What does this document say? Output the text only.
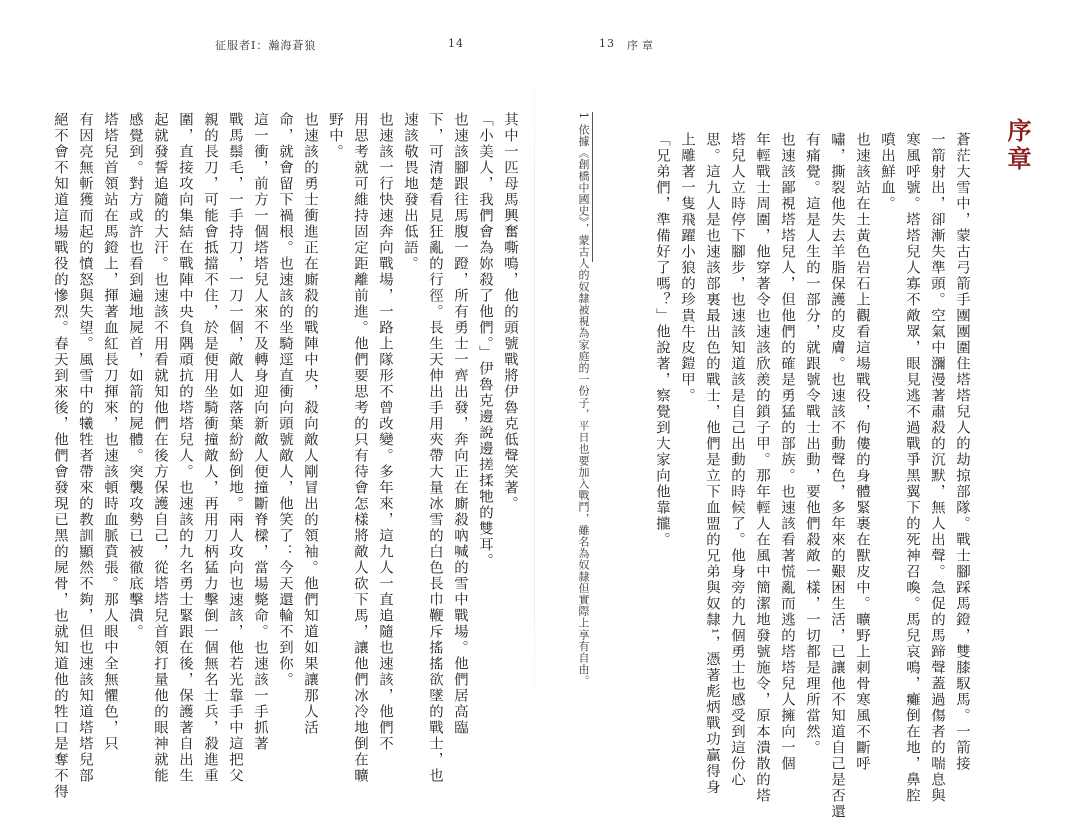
征服者Ⅰ：瀚海蒼狼	14
其中一匹母馬興奮嘶鳴，他的頭號戰將伊魯克低聲笑著。
「小美人，我們會為妳殺了他們。」伊魯克邊說邊搓揉牠的雙耳。
也速該腳跟往馬腹一蹬，所有勇士一齊出發，奔向正在廝殺吶喊的雪中戰場。他們居高臨
下，可清楚看見狂亂的行徑。長生天伸出手用夾帶大量冰雪的白色長巾鞭斥搖搖欲墜的戰士，也
速該敬畏地發出低語。
也速該一行快速奔向戰場，一路上隊形不曾改變。多年來，這九人一直追隨也速該，他們不
用思考就可維持固定距離前進。他們要思考的只有待會怎樣將敵人砍下馬，讓他們冰冷地倒在曠
野中。
也速該的勇士衝進正在廝殺的戰陣中央，殺向敵人剛冒出的領袖。他們知道如果讓那人活
命，就會留下禍根。也速該的坐騎逕直衝向頭號敵人，他笑了：今天還輪不到你。
這一衝，前方一個塔塔兒人來不及轉身迎向新敵人便撞斷脊樑，當場斃命。也速該一手抓著
戰馬鬃毛，一手持刀，一刀一個，敵人如落葉紛紛倒地。兩人攻向也速該，他若光靠手中這把父
親的長刀，可能會抵擋不住，於是便用坐騎衝撞敵人，再用刀柄猛力擊倒一個無名士兵，殺進重
圍，直接攻向集結在戰陣中央負隅頑抗的塔塔兒人。也速該的九名勇士緊跟在後，保護著自出生
起就發誓追隨的大汗。也速該不用看就知他們在後方保護自己，從塔塔兒首領打量他的眼神就能
感覺到。對方或許也看到遍地屍首，如箭的屍體。突襲攻勢已被徹底擊潰。
塔塔兒首領站在馬鐙上，揮著血紅長刀揮來，也速該頓時血脈賁張。那人眼中全無懼色，只
有因亮無斬獲而起的憤怒與失望。風雪中的犧牲者帶來的教訓顯然不夠，但也速該知道塔塔兒部
絕不會不知道這場戰役的慘烈。春天到來後，他們會發現已黑的屍骨，也就知道他的牲口是奪不得
13 序章
序章
1 依據《創橋中國史》，蒙古人的奴隸被視為家庭的一份子，平日也要加入戰鬥，雖名為奴隸但實際上享有自由。	蒼茫大雪中，蒙古弓箭手團團圍住塔塔兒人的劫掠部隊。戰士腳踩馬鐙，雙膝馭馬。一箭接
一箭射出，卻漸失準頭。空氣中瀰漫著肅殺的沉默，無人出聲。急促的馬蹄聲蓋過傷者的喘息與
寒風呼號。塔塔兒人寡不敵眾，眼見逃不過戰爭黑翼下的死神召喚。馬兒哀鳴，癱倒在地，鼻腔
噴出鮮血。
也速該站在土黃色岩石上觀看這場戰役，佝僂的身體緊裹在獸皮中。曠野上刺骨寒風不斷呼
嘯，撕裂他失去羊脂保護的皮膚。也速該不動聲色，多年來的艱困生活，已讓他不知道自己是否還
有痛覺。這是人生的一部分，就跟號令戰士出動，要他們殺敵一樣，一切都是理所當然。
也速該鄙視塔塔兒人，但他們的確是勇猛的部族。也速該看著慌亂而逃的塔塔兒人擁向一個
年輕戰士周圍，他穿著令也速該欣羨的鎖子甲。那年輕人在風中簡潔地發號施令，原本潰散的塔
塔兒人立時停下腳步，也速該知道該是自己出動的時候了。他身旁的九個勇士也感受到這份心
思。這九人是也速該部裏最出色的戰士，他們是立下血盟的兄弟與奴隸¹，憑著彪炳戰功贏得身
上雕著一隻飛躍小狼的珍貴牛皮鎧甲。
「兄弟們，準備好了嗎？」他說著，察覺到大家向他靠攏。
